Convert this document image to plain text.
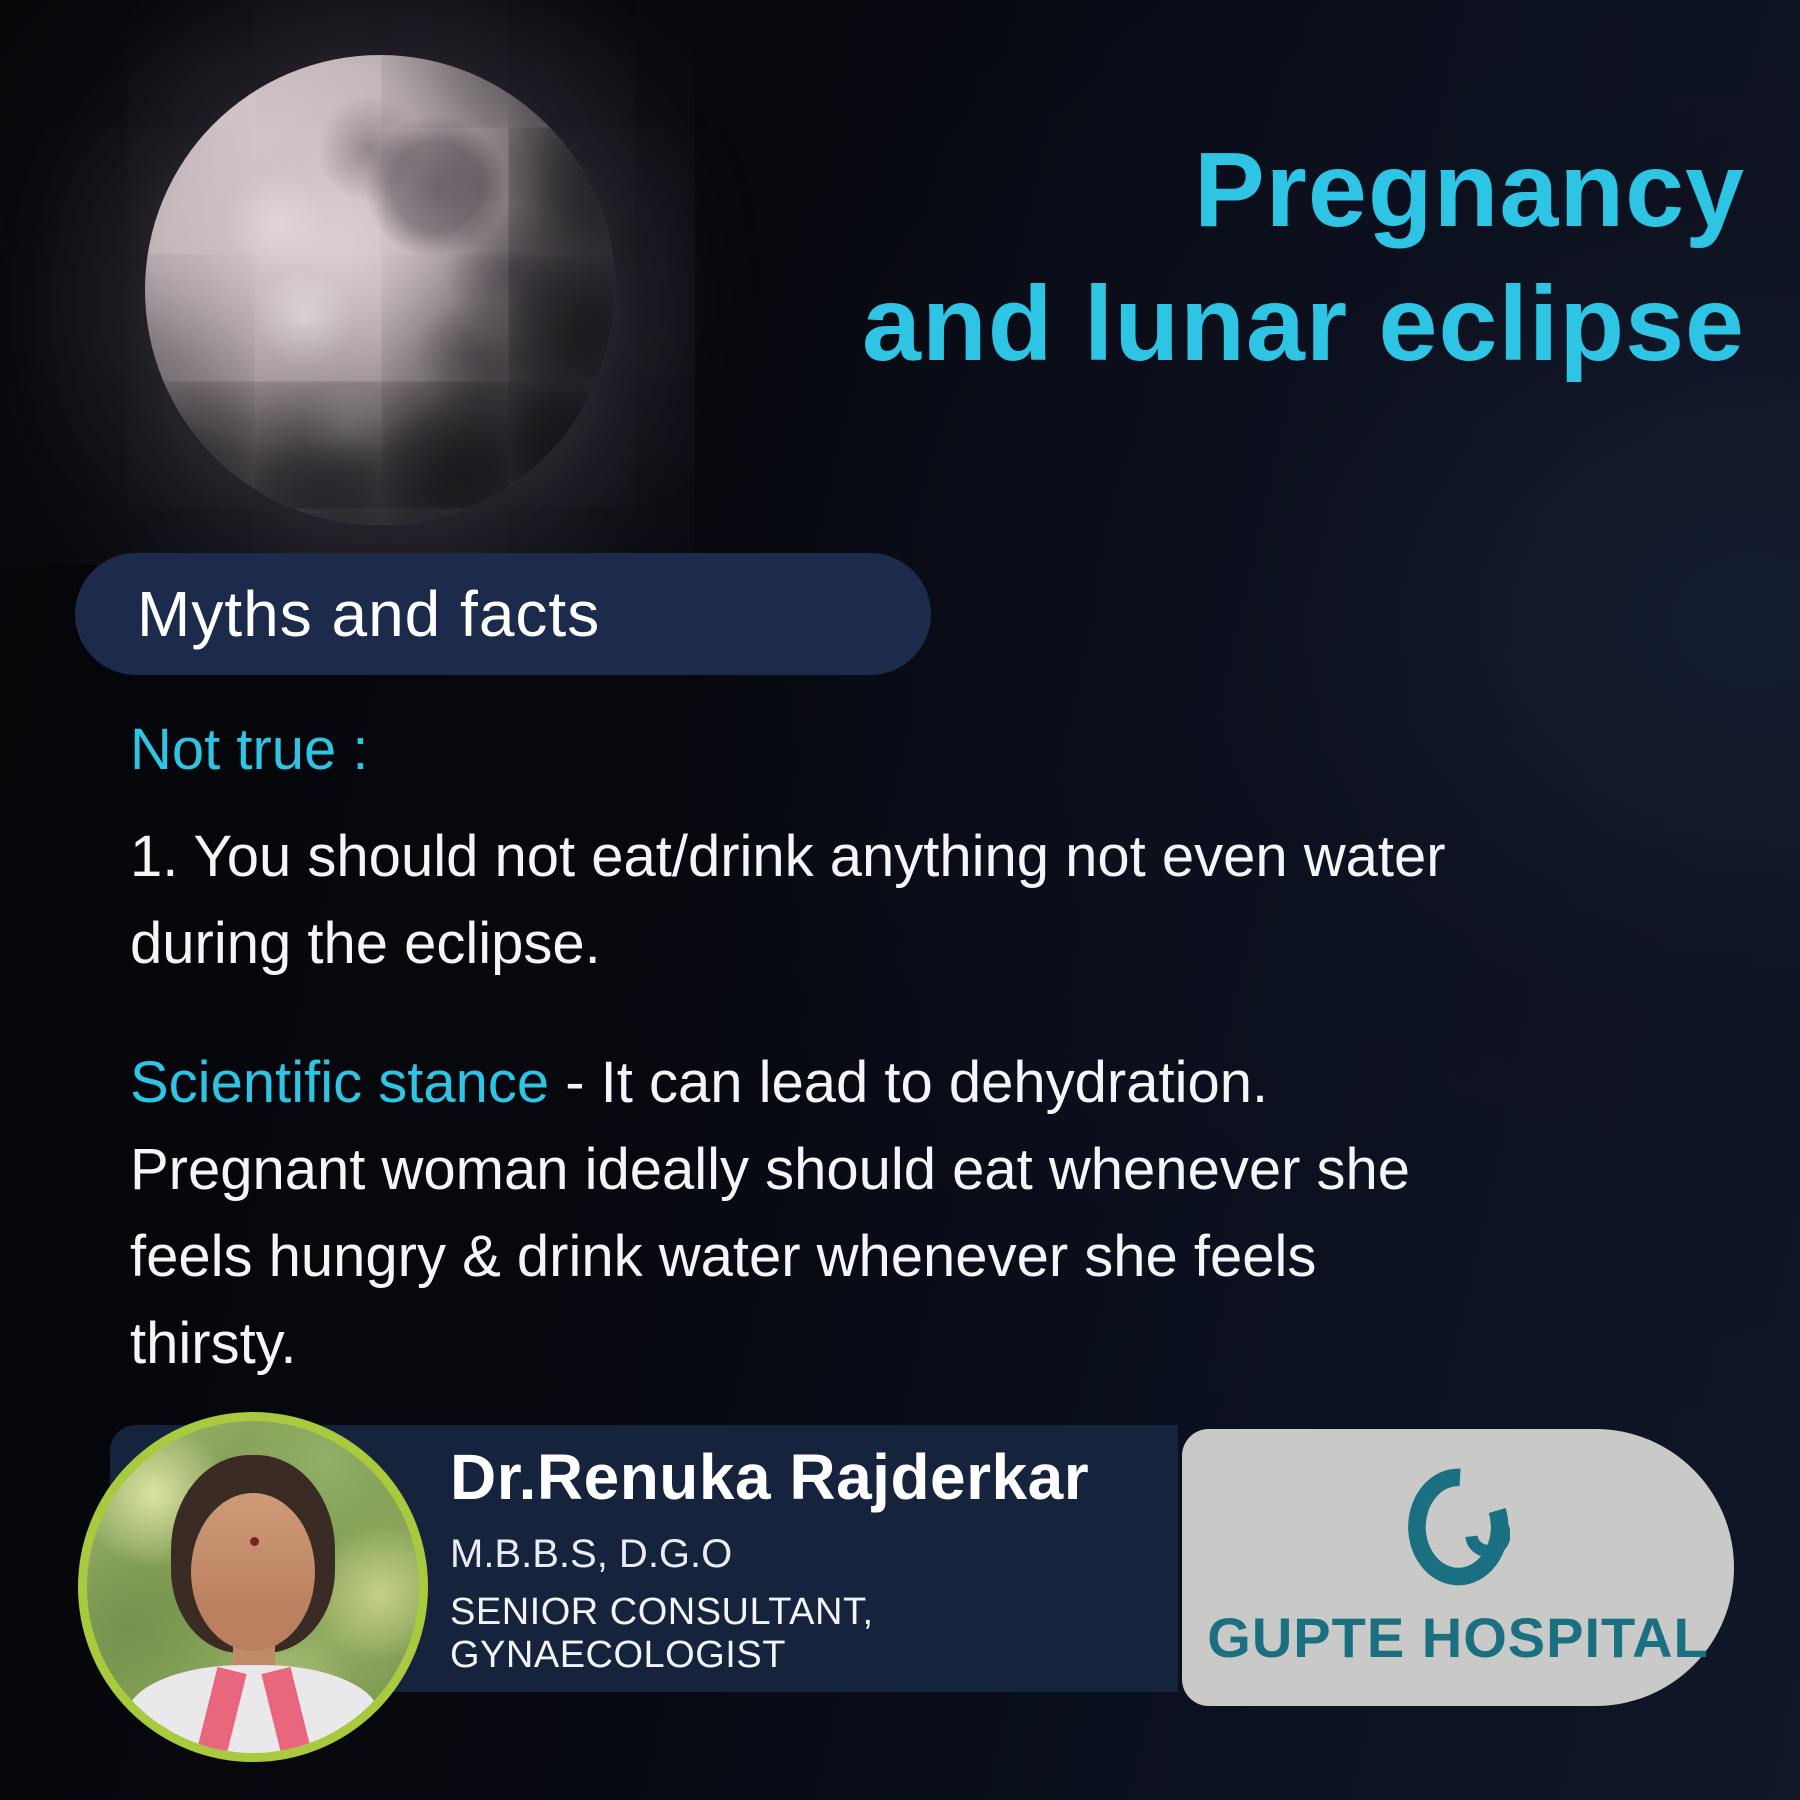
Pregnancy
and lunar eclipse
Myths and facts
Not true :
1. You should not eat/drink anything not even water
during the eclipse.
Scientific stance - It can lead to dehydration.
Pregnant woman ideally should eat whenever she
feels hungry & drink water whenever she feels
thirsty.
Dr.Renuka Rajderkar
M.B.B.S, D.G.O
SENIOR CONSULTANT, GYNAECOLOGIST	GUPTE HOSPITAL
